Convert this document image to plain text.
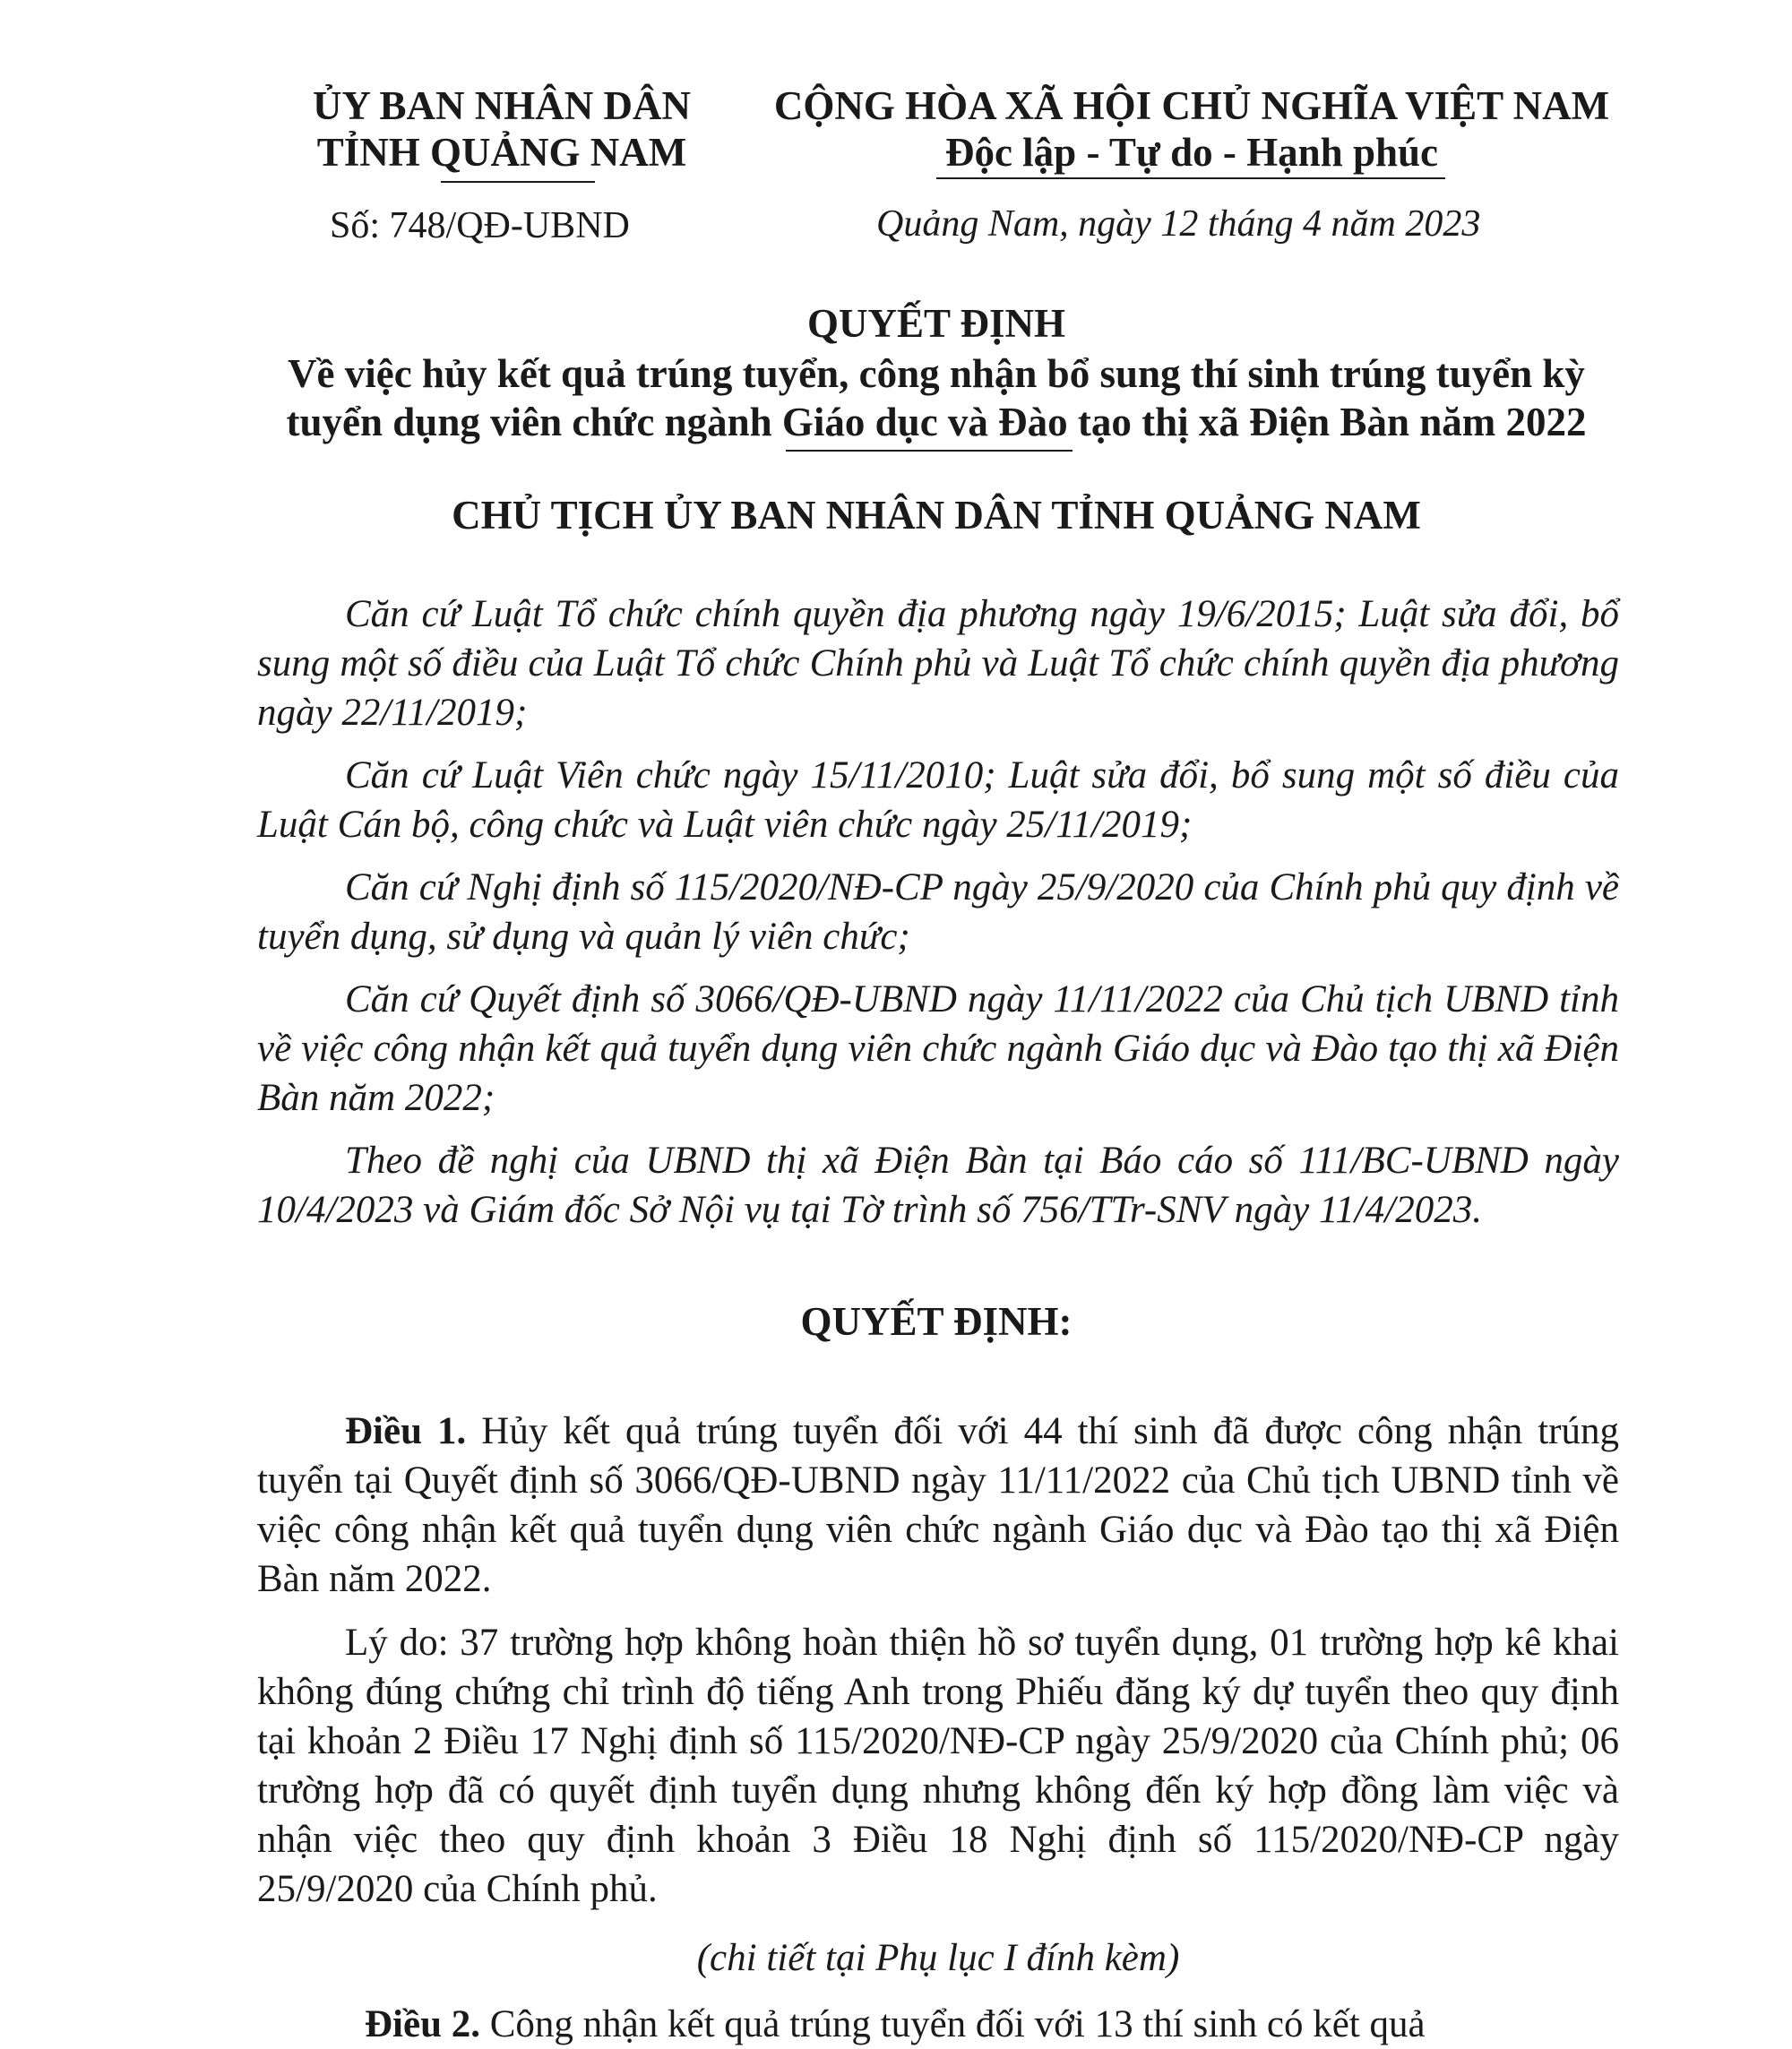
ỦY BAN NHÂN DÂN
TỈNH QUẢNG NAM
CỘNG HÒA XÃ HỘI CHỦ NGHĨA VIỆT NAM
Độc lập - Tự do - Hạnh phúc
Số: 748/QĐ-UBND	Quảng Nam, ngày 12 tháng 4 năm 2023
QUYẾT ĐỊNH
Về việc hủy kết quả trúng tuyển, công nhận bổ sung thí sinh trúng tuyển kỳ
tuyển dụng viên chức ngành Giáo dục và Đào tạo thị xã Điện Bàn năm 2022
CHỦ TỊCH ỦY BAN NHÂN DÂN TỈNH QUẢNG NAM
Căn cứ Luật Tổ chức chính quyền địa phương ngày 19/6/2015; Luật sửa đổi, bổ sung một số điều của Luật Tổ chức Chính phủ và Luật Tổ chức chính quyền địa phương ngày 22/11/2019;
Căn cứ Luật Viên chức ngày 15/11/2010; Luật sửa đổi, bổ sung một số điều của Luật Cán bộ, công chức và Luật viên chức ngày 25/11/2019;
Căn cứ Nghị định số 115/2020/NĐ-CP ngày 25/9/2020 của Chính phủ quy định về tuyển dụng, sử dụng và quản lý viên chức;
Căn cứ Quyết định số 3066/QĐ-UBND ngày 11/11/2022 của Chủ tịch UBND tỉnh về việc công nhận kết quả tuyển dụng viên chức ngành Giáo dục và Đào tạo thị xã Điện Bàn năm 2022;
Theo đề nghị của UBND thị xã Điện Bàn tại Báo cáo số 111/BC-UBND ngày 10/4/2023 và Giám đốc Sở Nội vụ tại Tờ trình số 756/TTr-SNV ngày 11/4/2023.
QUYẾT ĐỊNH:
Điều 1. Hủy kết quả trúng tuyển đối với 44 thí sinh đã được công nhận trúng tuyển tại Quyết định số 3066/QĐ-UBND ngày 11/11/2022 của Chủ tịch UBND tỉnh về việc công nhận kết quả tuyển dụng viên chức ngành Giáo dục và Đào tạo thị xã Điện Bàn năm 2022.
Lý do: 37 trường hợp không hoàn thiện hồ sơ tuyển dụng, 01 trường hợp kê khai không đúng chứng chỉ trình độ tiếng Anh trong Phiếu đăng ký dự tuyển theo quy định tại khoản 2 Điều 17 Nghị định số 115/2020/NĐ-CP ngày 25/9/2020 của Chính phủ; 06 trường hợp đã có quyết định tuyển dụng nhưng không đến ký hợp đồng làm việc và nhận việc theo quy định khoản 3 Điều 18 Nghị định số 115/2020/NĐ-CP ngày 25/9/2020 của Chính phủ.
(chi tiết tại Phụ lục I đính kèm)
Điều 2. Công nhận kết quả trúng tuyển đối với 13 thí sinh có kết quả
